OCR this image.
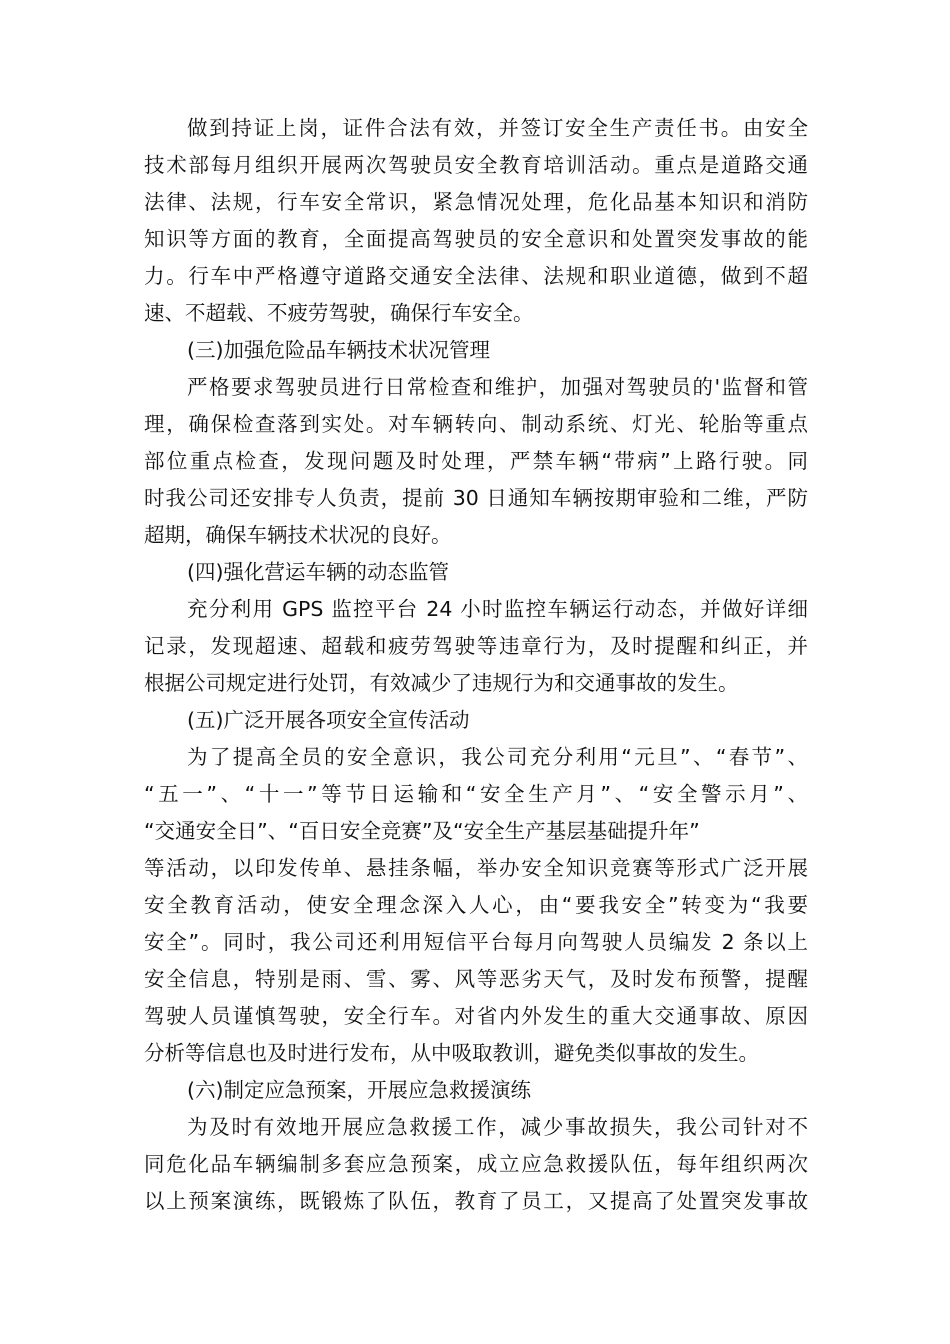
做到持证上岗，证件合法有效，并签订安全生产责任书。由安全
技术部每月组织开展两次驾驶员安全教育培训活动。重点是道路交通
法律、法规，行车安全常识，紧急情况处理，危化品基本知识和消防
知识等方面的教育，全面提高驾驶员的安全意识和处置突发事故的能
力。行车中严格遵守道路交通安全法律、法规和职业道德，做到不超
速、不超载、不疲劳驾驶，确保行车安全。
(三)加强危险品车辆技术状况管理
严格要求驾驶员进行日常检查和维护，加强对驾驶员的'监督和管
理，确保检查落到实处。对车辆转向、制动系统、灯光、轮胎等重点
部位重点检查，发现问题及时处理，严禁车辆“带病”上路行驶。同
时我公司还安排专人负责，提前 30 日通知车辆按期审验和二维，严防
超期，确保车辆技术状况的良好。
(四)强化营运车辆的动态监管
充分利用 GPS 监控平台 24 小时监控车辆运行动态，并做好详细
记录，发现超速、超载和疲劳驾驶等违章行为，及时提醒和纠正，并
根据公司规定进行处罚，有效减少了违规行为和交通事故的发生。
(五)广泛开展各项安全宣传活动
为了提高全员的安全意识，我公司充分利用“元旦”、“春节”、
“五一”、“十一”等节日运输和“安全生产月”、“安全警示月”、
“交通安全日”、“百日安全竞赛”及“安全生产基层基础提升年”
等活动，以印发传单、悬挂条幅，举办安全知识竞赛等形式广泛开展
安全教育活动，使安全理念深入人心，由“要我安全”转变为“我要
安全”。同时，我公司还利用短信平台每月向驾驶人员编发 2 条以上
安全信息，特别是雨、雪、雾、风等恶劣天气，及时发布预警，提醒
驾驶人员谨慎驾驶，安全行车。对省内外发生的重大交通事故、原因
分析等信息也及时进行发布，从中吸取教训，避免类似事故的发生。
(六)制定应急预案，开展应急救援演练
为及时有效地开展应急救援工作，减少事故损失，我公司针对不
同危化品车辆编制多套应急预案，成立应急救援队伍，每年组织两次
以上预案演练，既锻炼了队伍，教育了员工，又提高了处置突发事故
